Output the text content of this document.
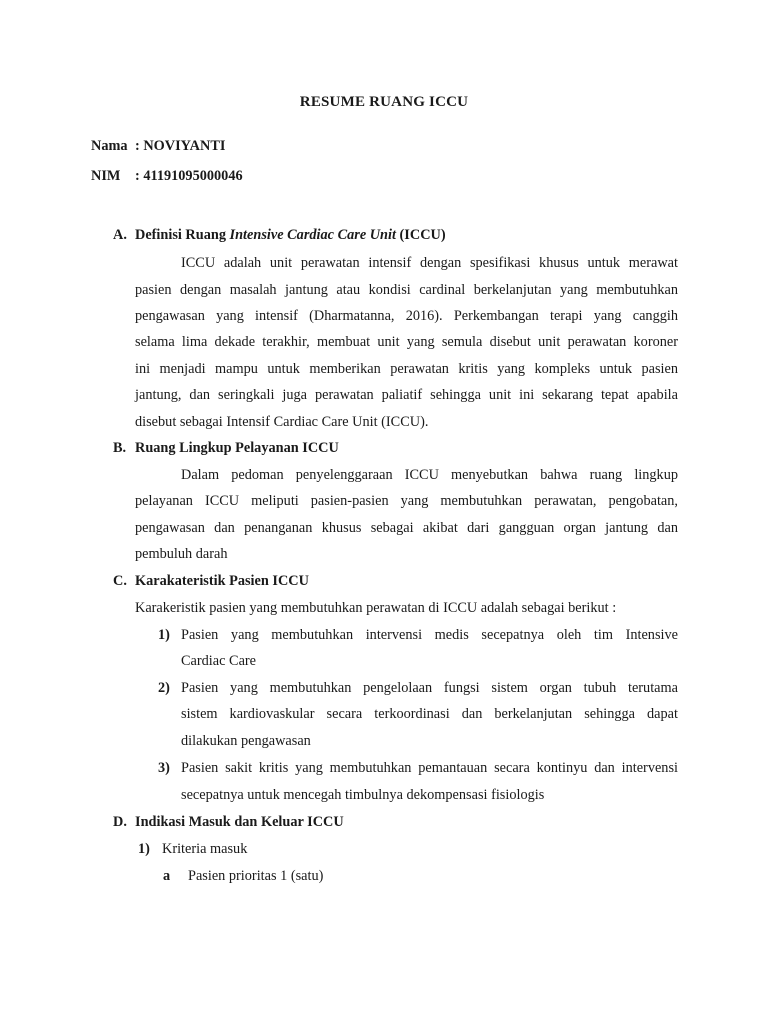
RESUME RUANG ICCU
Nama : NOVIYANTI
NIM : 41191095000046
A. Definisi Ruang Intensive Cardiac Care Unit (ICCU)
ICCU adalah unit perawatan intensif dengan spesifikasi khusus untuk merawat
pasien dengan masalah jantung atau kondisi cardinal berkelanjutan yang membutuhkan
pengawasan yang intensif (Dharmatanna, 2016). Perkembangan terapi yang canggih
selama lima dekade terakhir, membuat unit yang semula disebut unit perawatan koroner
ini menjadi mampu untuk memberikan perawatan kritis yang kompleks untuk pasien
jantung, dan seringkali juga perawatan paliatif sehingga unit ini sekarang tepat apabila
disebut sebagai Intensif Cardiac Care Unit (ICCU).
B. Ruang Lingkup Pelayanan ICCU
Dalam pedoman penyelenggaraan ICCU menyebutkan bahwa ruang lingkup
pelayanan ICCU meliputi pasien-pasien yang membutuhkan perawatan, pengobatan,
pengawasan dan penanganan khusus sebagai akibat dari gangguan organ jantung dan
pembuluh darah
C. Karakateristik Pasien ICCU
Karakeristik pasien yang membutuhkan perawatan di ICCU adalah sebagai berikut :
1) Pasien yang membutuhkan intervensi medis secepatnya oleh tim Intensive
Cardiac Care
2) Pasien yang membutuhkan pengelolaan fungsi sistem organ tubuh terutama
sistem kardiovaskular secara terkoordinasi dan berkelanjutan sehingga dapat
dilakukan pengawasan
3) Pasien sakit kritis yang membutuhkan pemantauan secara kontinyu dan intervensi
secepatnya untuk mencegah timbulnya dekompensasi fisiologis
D. Indikasi Masuk dan Keluar ICCU
1) Kriteria masuk
a Pasien prioritas 1 (satu)
